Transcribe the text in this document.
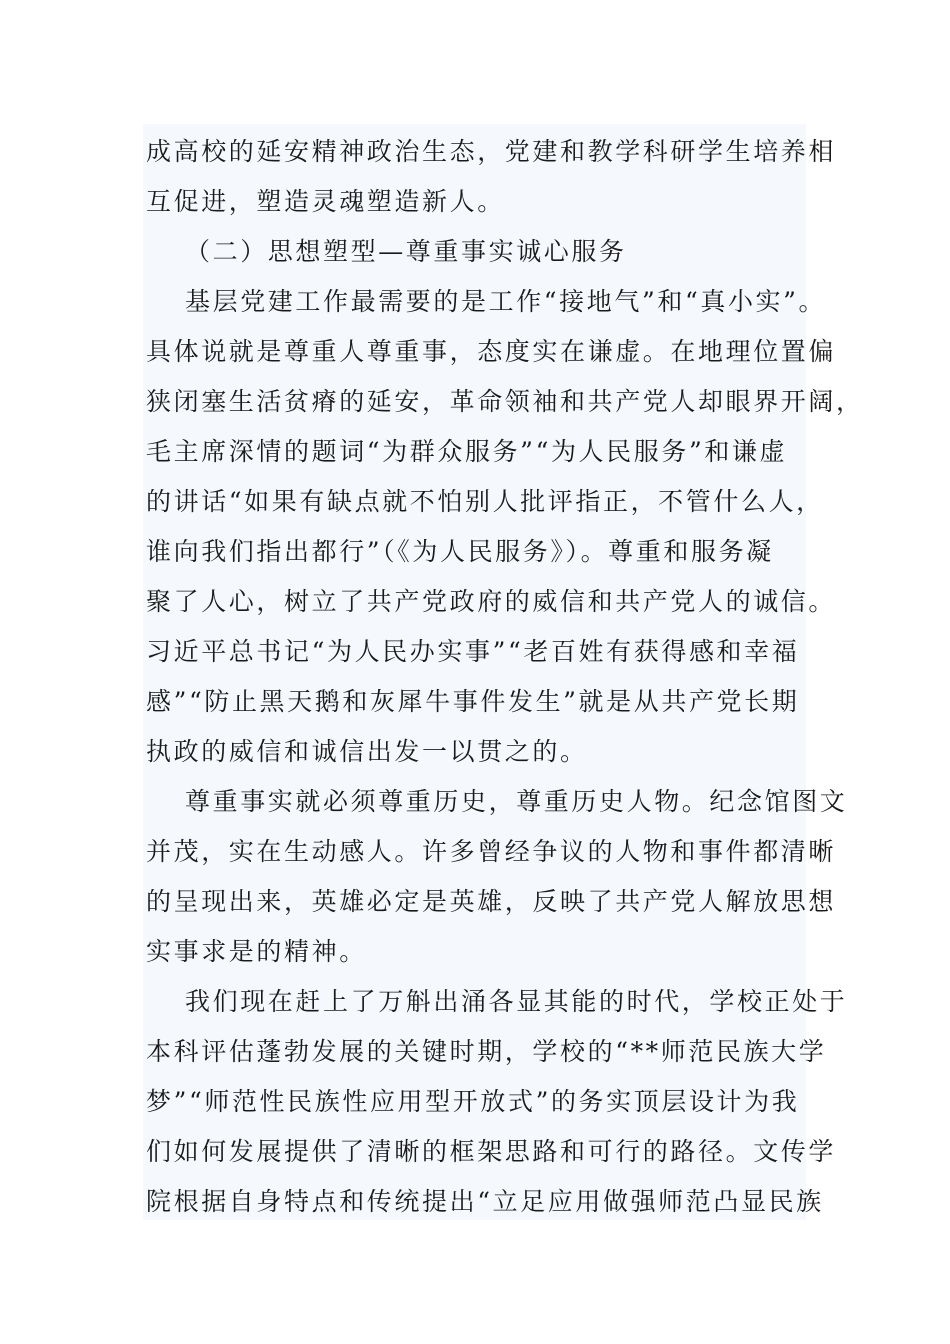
成高校的延安精神政治生态，党建和教学科研学生培养相
互促进，塑造灵魂塑造新人。
（二）思想塑型—尊重事实诚心服务
基层党建工作最需要的是工作“接地气”和“真小实”。
具体说就是尊重人尊重事，态度实在谦虚。在地理位置偏
狭闭塞生活贫瘠的延安，革命领袖和共产党人却眼界开阔，
毛主席深情的题词“为群众服务”“为人民服务”和谦虚
的讲话“如果有缺点就不怕别人批评指正，不管什么人，
谁向我们指出都行”（《为人民服务》）。尊重和服务凝
聚了人心，树立了共产党政府的威信和共产党人的诚信。
习近平总书记“为人民办实事”“老百姓有获得感和幸福
感”“防止黑天鹅和灰犀牛事件发生”就是从共产党长期
执政的威信和诚信出发一以贯之的。
尊重事实就必须尊重历史，尊重历史人物。纪念馆图文
并茂，实在生动感人。许多曾经争议的人物和事件都清晰
的呈现出来，英雄必定是英雄，反映了共产党人解放思想
实事求是的精神。
我们现在赶上了万斛出涌各显其能的时代，学校正处于
本科评估蓬勃发展的关键时期，学校的“**师范民族大学
梦”“师范性民族性应用型开放式”的务实顶层设计为我
们如何发展提供了清晰的框架思路和可行的路径。文传学
院根据自身特点和传统提出“立足应用做强师范凸显民族
